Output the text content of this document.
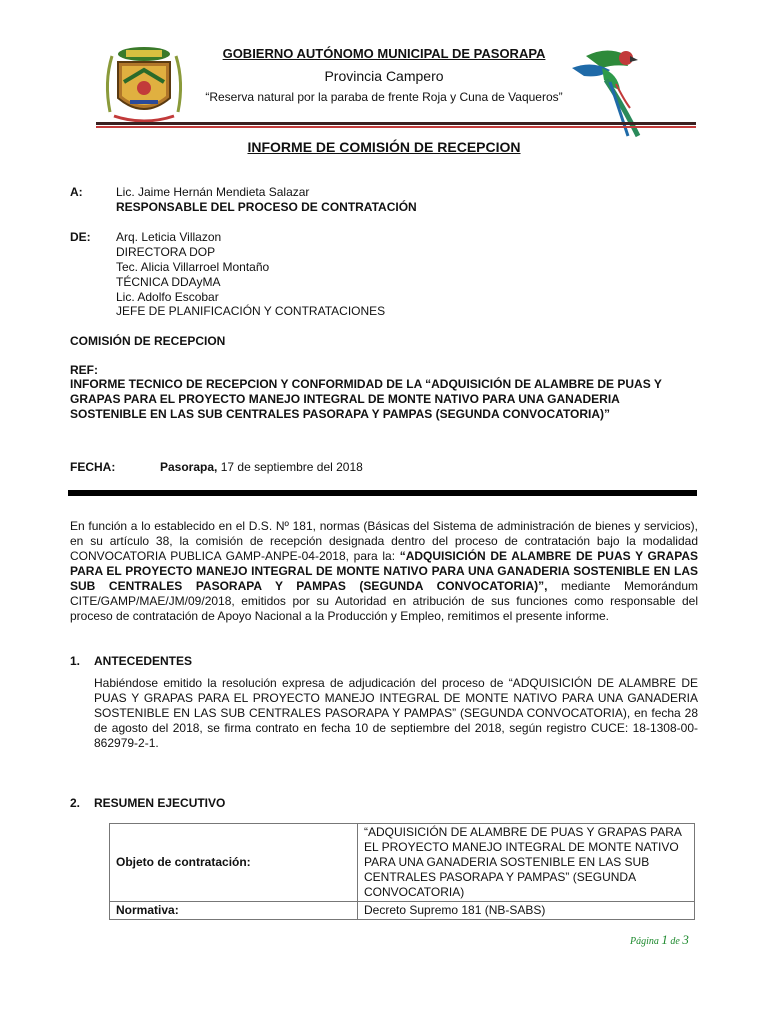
GOBIERNO AUTÓNOMO MUNICIPAL DE PASORAPA
Provincia Campero
“Reserva natural por la paraba de frente Roja y Cuna de Vaqueros”
INFORME DE COMISIÓN DE RECEPCION
A:	Lic. Jaime Hernán Mendieta Salazar
RESPONSABLE DEL PROCESO DE CONTRATACIÓN
DE: Arq. Leticia Villazon
DIRECTORA DOP
Tec. Alicia Villarroel Montaño
TÉCNICA DDAyMA
Lic. Adolfo Escobar
JEFE DE PLANIFICACIÓN Y CONTRATACIONES
COMISIÓN DE RECEPCION
REF:
INFORME TECNICO DE RECEPCION Y CONFORMIDAD DE LA “ADQUISICIÓN DE ALAMBRE DE PUAS Y GRAPAS PARA EL PROYECTO MANEJO INTEGRAL DE MONTE NATIVO PARA UNA GANADERIA SOSTENIBLE EN LAS SUB CENTRALES PASORAPA Y PAMPAS (SEGUNDA CONVOCATORIA)”
FECHA:	Pasorapa, 17 de septiembre del 2018
En función a lo establecido en el D.S. Nº 181, normas (Básicas del Sistema de administración de bienes y servicios), en su artículo 38, la comisión de recepción designada dentro del proceso de contratación bajo la modalidad CONVOCATORIA PUBLICA GAMP-ANPE-04-2018, para la: “ADQUISICIÓN DE ALAMBRE DE PUAS Y GRAPAS PARA EL PROYECTO MANEJO INTEGRAL DE MONTE NATIVO PARA UNA GANADERIA SOSTENIBLE EN LAS SUB CENTRALES PASORAPA Y PAMPAS (SEGUNDA CONVOCATORIA)”, mediante Memorándum CITE/GAMP/MAE/JM/09/2018, emitidos por su Autoridad en atribución de sus funciones como responsable del proceso de contratación de Apoyo Nacional a la Producción y Empleo, remitimos el presente informe.
1. ANTECEDENTES
Habiéndose emitido la resolución expresa de adjudicación del proceso de “ADQUISICIÓN DE ALAMBRE DE PUAS Y GRAPAS PARA EL PROYECTO MANEJO INTEGRAL DE MONTE NATIVO PARA UNA GANADERIA SOSTENIBLE EN LAS SUB CENTRALES PASORAPA Y PAMPAS” (SEGUNDA CONVOCATORIA), en fecha 28 de agosto del 2018, se firma contrato en fecha 10 de septiembre del 2018, según registro CUCE: 18-1308-00-862979-2-1.
2. RESUMEN EJECUTIVO
Objeto de contratación:	“ADQUISICIÓN DE ALAMBRE DE PUAS Y GRAPAS PARA EL PROYECTO MANEJO INTEGRAL DE MONTE NATIVO PARA UNA GANADERIA SOSTENIBLE EN LAS SUB CENTRALES PASORAPA Y PAMPAS” (SEGUNDA CONVOCATORIA)
Normativa:	Decreto Supremo 181 (NB-SABS)
Página 1 de 3
